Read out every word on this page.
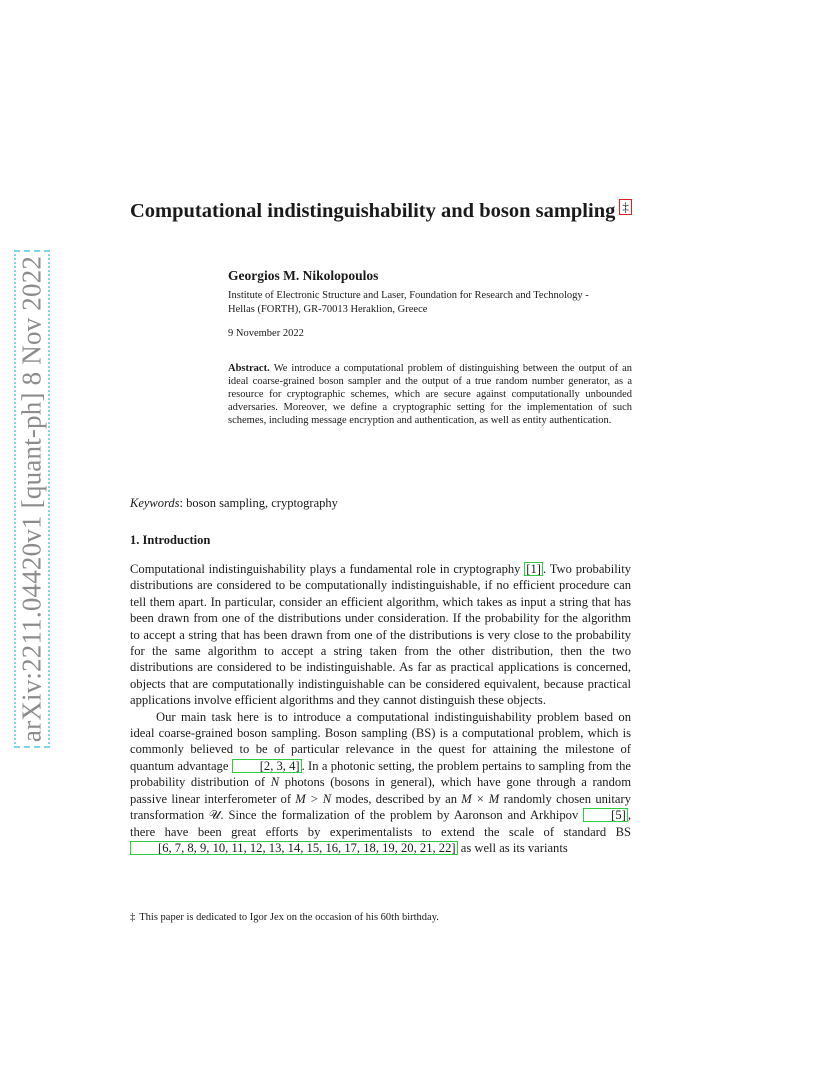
arXiv:2211.04420v1 [quant-ph] 8 Nov 2022
Computational indistinguishability and boson sampling ‡
Georgios M. Nikolopoulos
Institute of Electronic Structure and Laser, Foundation for Research and Technology - Hellas (FORTH), GR-70013 Heraklion, Greece
9 November 2022
Abstract. We introduce a computational problem of distinguishing between the output of an ideal coarse-grained boson sampler and the output of a true random number generator, as a resource for cryptographic schemes, which are secure against computationally unbounded adversaries. Moreover, we define a cryptographic setting for the implementation of such schemes, including message encryption and authentication, as well as entity authentication.
Keywords: boson sampling, cryptography
1. Introduction

Computational indistinguishability plays a fundamental role in cryptography [1] . Two probability distributions are considered to be computationally indistinguishable, if no efficient procedure can tell them apart. In particular, consider an efficient algorithm, which takes as input a string that has been drawn from one of the distributions under consideration. If the probability for the algorithm to accept a string that has been drawn from one of the distributions is very close to the probability for the same algorithm to accept a string taken from the other distribution, then the two distributions are considered to be indistinguishable. As far as practical applications is concerned, objects that are computationally indistinguishable can be considered equivalent, because practical applications involve efficient algorithms and they cannot distinguish these objects.

Our main task here is to introduce a computational indistinguishability problem based on ideal coarse-grained boson sampling. Boson sampling (BS) is a computational problem, which is commonly believed to be of particular relevance in the quest for attaining the milestone of quantum advantage [2, 3, 4] . In a photonic setting, the problem pertains to sampling from the probability distribution of N photons (bosons in general), which have gone through a random passive linear interferometer of M > N modes, described by an M × M randomly chosen unitary transformation 𝒰. Since the formalization of the problem by Aaronson and Arkhipov [5] , there have been great efforts by experimentalists to extend the scale of standard BS [6, 7, 8, 9, 10, 11, 12, 13, 14, 15, 16, 17, 18, 19, 20, 21, 22] as well as its variants

‡ This paper is dedicated to Igor Jex on the occasion of his 60th birthday.
